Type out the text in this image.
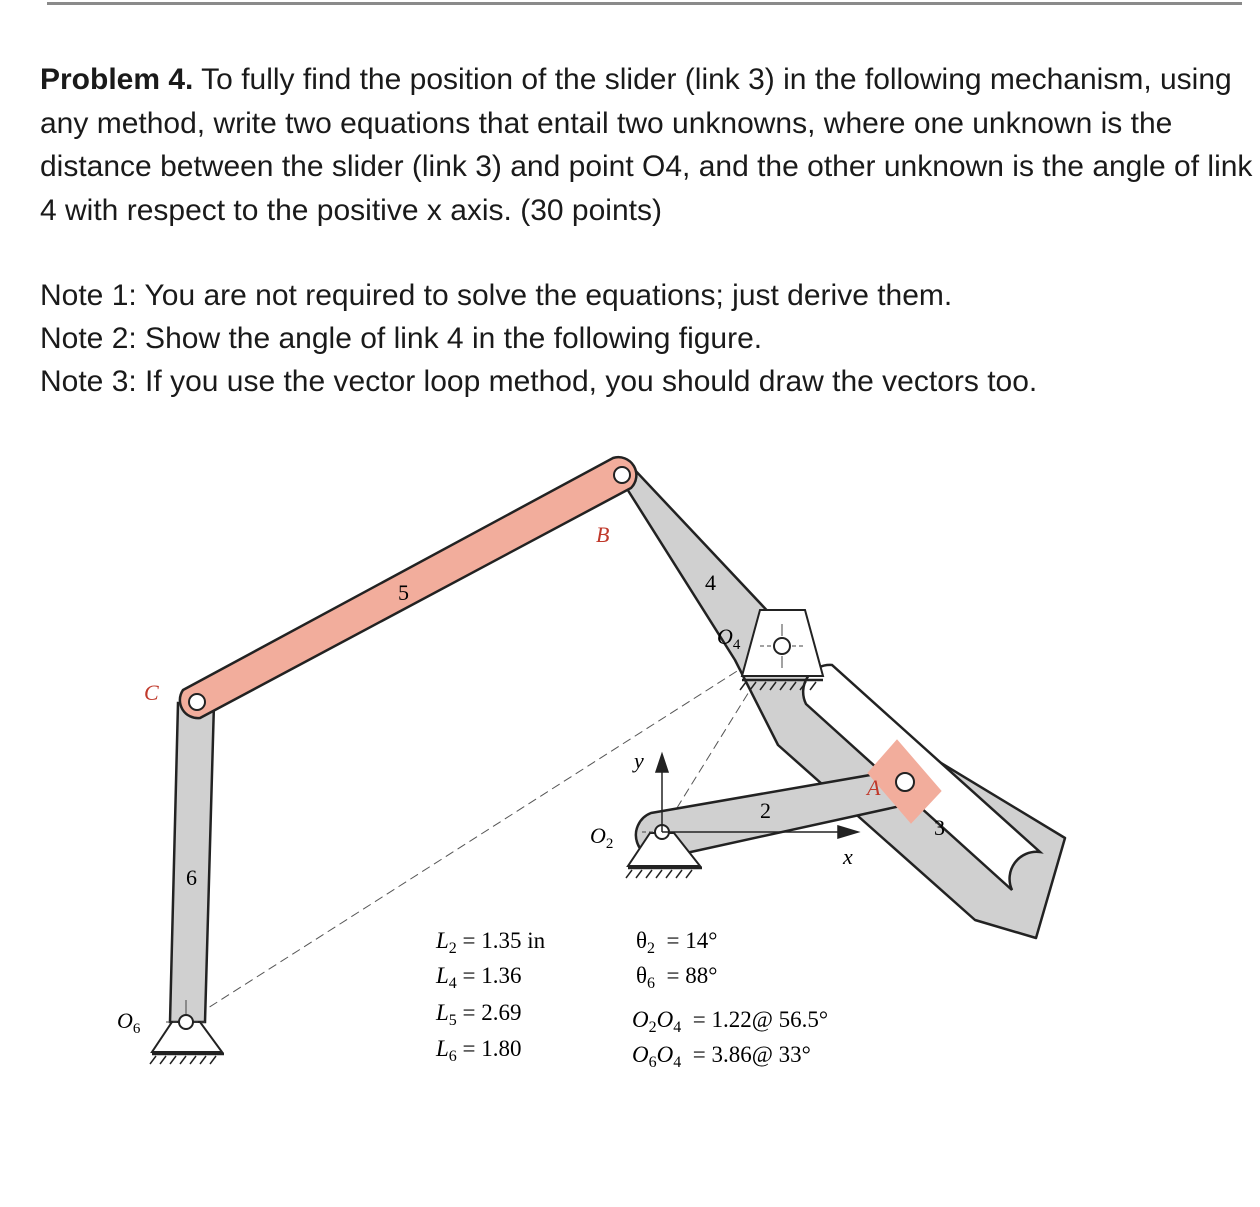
Problem 4. To fully find the position of the slider (link 3) in the following mechanism, using any method, write two equations that entail two unknowns, where one unknown is the distance between the slider (link 3) and point O4, and the other unknown is the angle of link 4 with respect to the positive x axis. (30 points)
Note 1: You are not required to solve the equations; just derive them.
Note 2: Show the angle of link 4 in the following figure.
Note 3: If you use the vector loop method, you should draw the vectors too.
B
C
A
2
3
4
5
6
x
y
$O_4$
$O_2$
$O_6$
$L_2 = 1.35$ in
$L_4 = 1.36$
$L_5 = 2.69$
$L_6 = 1.80$
$\theta_2 = 14^\circ$
$\theta_6 = 88^\circ$
$O_2O_4$  = 1.22@ 56.5°
$O_6O_4$  = 3.86@ 33°
